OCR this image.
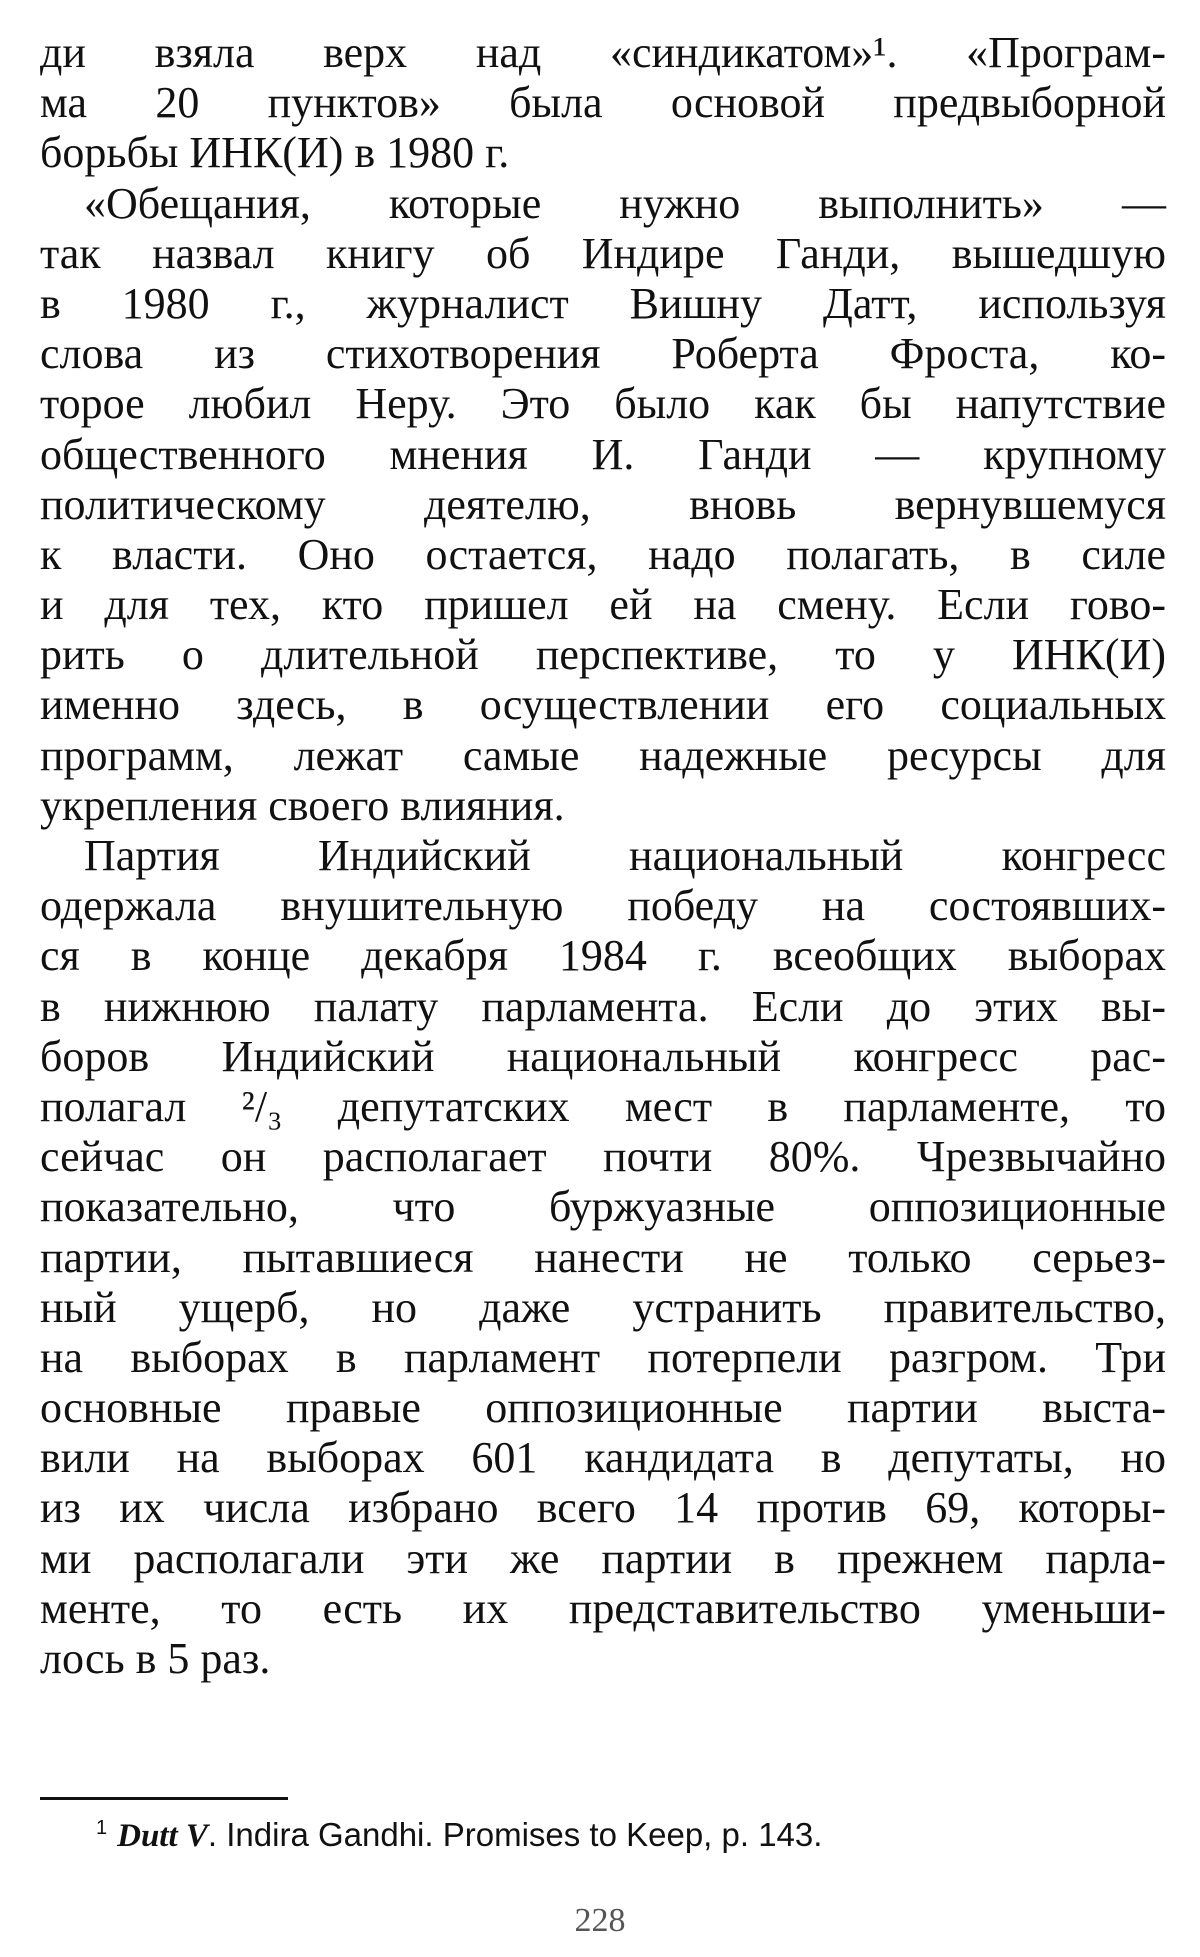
ди взяла верх над «синдикатом»¹. «Програм-
ма 20 пунктов» была основой предвыборной
борьбы ИНК(И) в 1980 г.
«Обещания, которые нужно выполнить» —
так назвал книгу об Индире Ганди, вышедшую
в 1980 г., журналист Вишну Датт, используя
слова из стихотворения Роберта Фроста, ко-
торое любил Неру. Это было как бы напутствие
общественного мнения И. Ганди — крупному
политическому деятелю, вновь вернувшемуся
к власти. Оно остается, надо полагать, в силе
и для тех, кто пришел ей на смену. Если гово-
рить о длительной перспективе, то у ИНК(И)
именно здесь, в осуществлении его социальных
программ, лежат самые надежные ресурсы для
укрепления своего влияния.
Партия Индийский национальный конгресс
одержала внушительную победу на состоявших-
ся в конце декабря 1984 г. всеобщих выборах
в нижнюю палату парламента. Если до этих вы-
боров Индийский национальный конгресс рас-
полагал ²/₃ депутатских мест в парламенте, то
сейчас он располагает почти 80%. Чрезвычайно
показательно, что буржуазные оппозиционные
партии, пытавшиеся нанести не только серьез-
ный ущерб, но даже устранить правительство,
на выборах в парламент потерпели разгром. Три
основные правые оппозиционные партии выста-
вили на выборах 601 кандидата в депутаты, но
из их числа избрано всего 14 против 69, которы-
ми располагали эти же партии в прежнем парла-
менте, то есть их представительство уменьши-
лось в 5 раз.
$^1$ Dutt V. Indira Gandhi. Promises to Keep, p. 143.
228
